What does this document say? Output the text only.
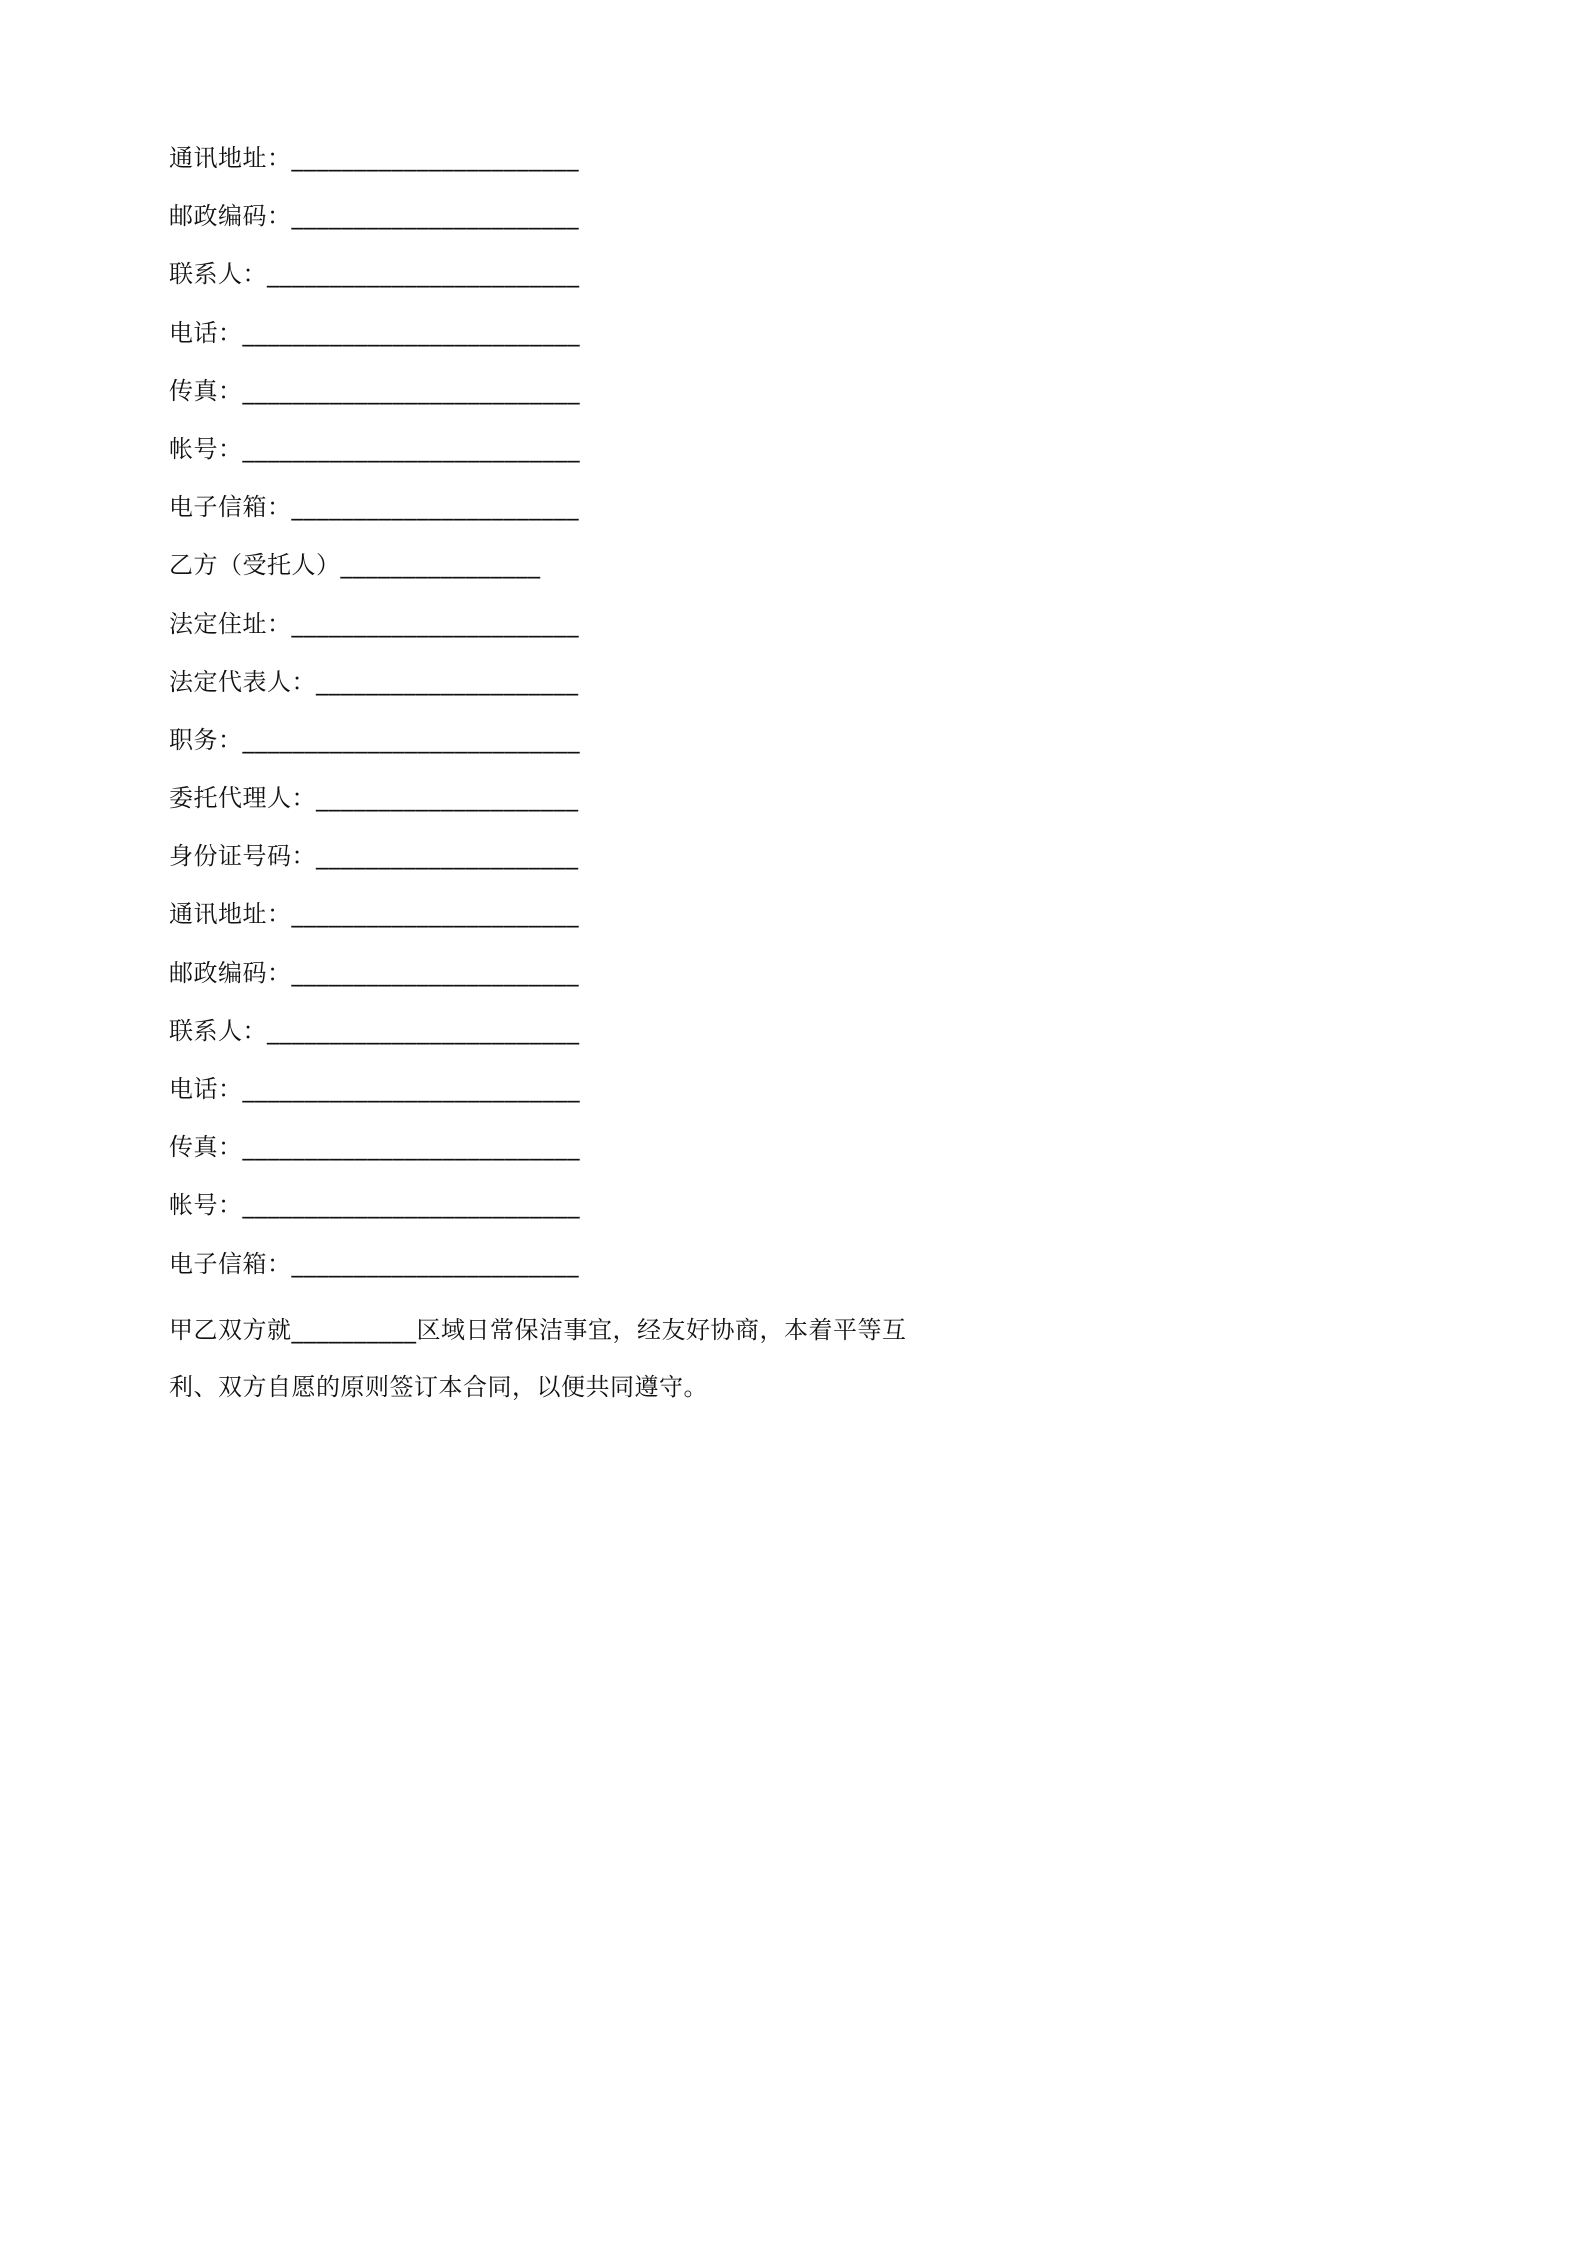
通讯地址：_______________________
邮政编码：_______________________
联系人：_________________________
电话：___________________________
传真：___________________________
帐号：___________________________
电子信箱：_______________________
乙方（受托人）________________
法定住址：_______________________
法定代表人：_____________________
职务：___________________________
委托代理人：_____________________
身份证号码：_____________________
通讯地址：_______________________
邮政编码：_______________________
联系人：_________________________
电话：___________________________
传真：___________________________
帐号：___________________________
电子信箱：_______________________

甲乙双方就__________区域日常保洁事宜，经友好协商，本着平等互

利、双方自愿的原则签订本合同，以便共同遵守。
